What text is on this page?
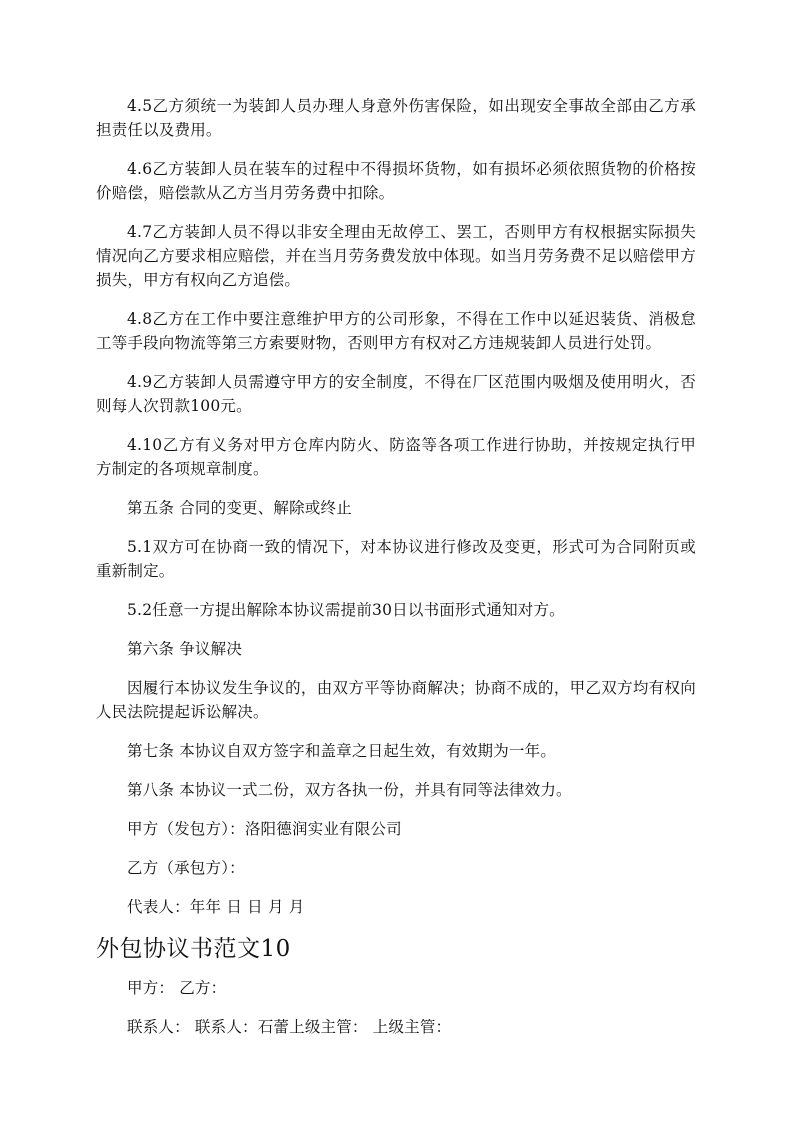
4.5乙方须统一为装卸人员办理人身意外伤害保险，如出现安全事故全部由乙方承担责任以及费用。

4.6乙方装卸人员在装车的过程中不得损坏货物，如有损坏必须依照货物的价格按价赔偿，赔偿款从乙方当月劳务费中扣除。

4.7乙方装卸人员不得以非安全理由无故停工、罢工，否则甲方有权根据实际损失情况向乙方要求相应赔偿，并在当月劳务费发放中体现。如当月劳务费不足以赔偿甲方损失，甲方有权向乙方追偿。

4.8乙方在工作中要注意维护甲方的公司形象，不得在工作中以延迟装货、消极怠工等手段向物流等第三方索要财物，否则甲方有权对乙方违规装卸人员进行处罚。

4.9乙方装卸人员需遵守甲方的安全制度，不得在厂区范围内吸烟及使用明火，否则每人次罚款100元。

4.10乙方有义务对甲方仓库内防火、防盗等各项工作进行协助，并按规定执行甲方制定的各项规章制度。

第五条 合同的变更、解除或终止

5.1双方可在协商一致的情况下，对本协议进行修改及变更，形式可为合同附页或重新制定。

5.2任意一方提出解除本协议需提前30日以书面形式通知对方。

第六条 争议解决

因履行本协议发生争议的，由双方平等协商解决；协商不成的，甲乙双方均有权向人民法院提起诉讼解决。

第七条 本协议自双方签字和盖章之日起生效，有效期为一年。

第八条 本协议一式二份，双方各执一份，并具有同等法律效力。

甲方（发包方）：洛阳德润实业有限公司

乙方（承包方）：

代表人：年年 日 日 月 月

外包协议书范文10

甲方： 乙方：

联系人： 联系人：石蕾上级主管： 上级主管：
